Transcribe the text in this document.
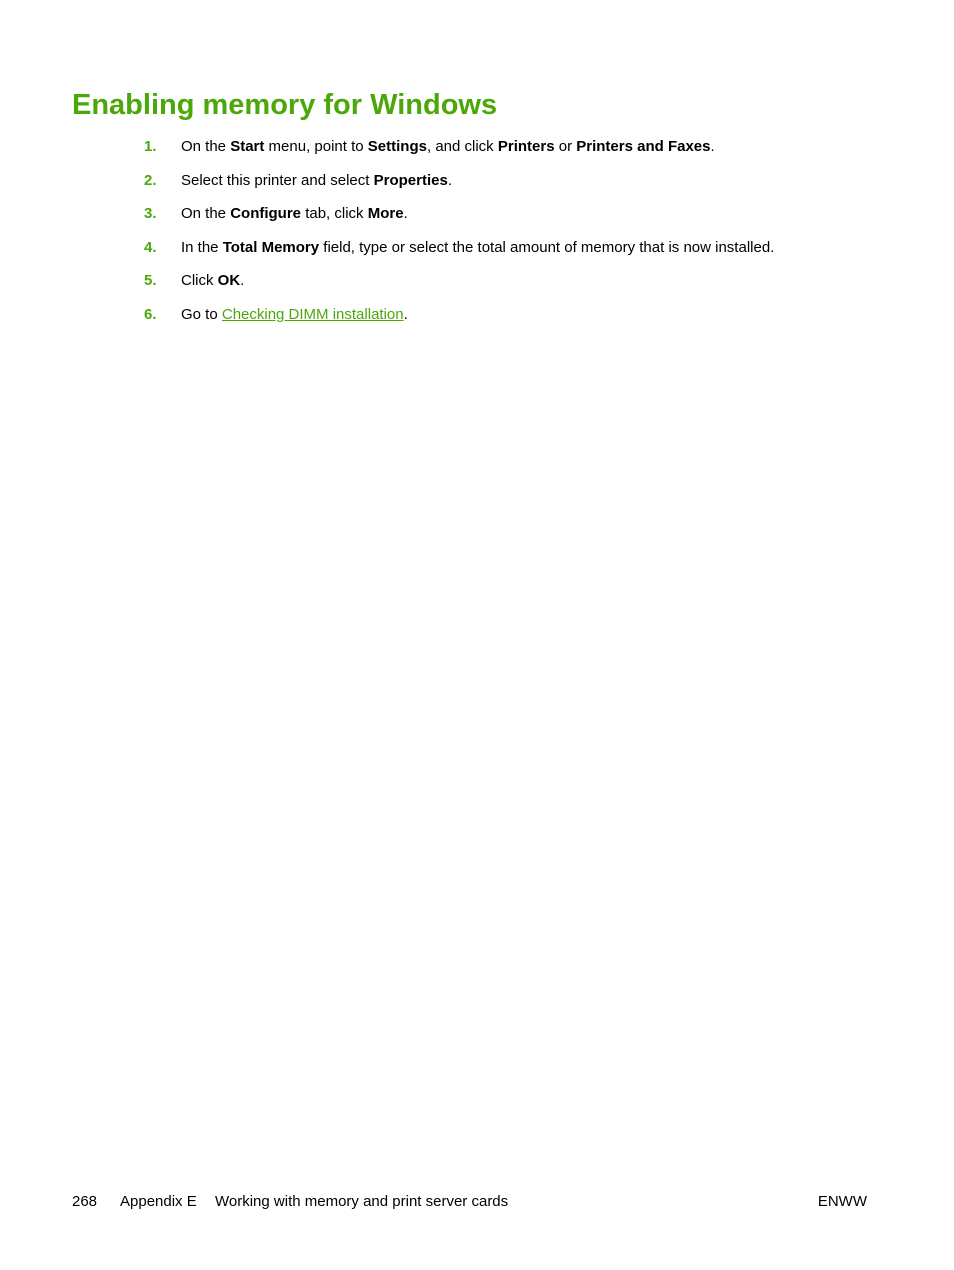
Enabling memory for Windows
1. On the Start menu, point to Settings, and click Printers or Printers and Faxes.
2. Select this printer and select Properties.
3. On the Configure tab, click More.
4. In the Total Memory field, type or select the total amount of memory that is now installed.
5. Click OK.
6. Go to Checking DIMM installation.
268 Appendix E Working with memory and print server cards	ENWW
